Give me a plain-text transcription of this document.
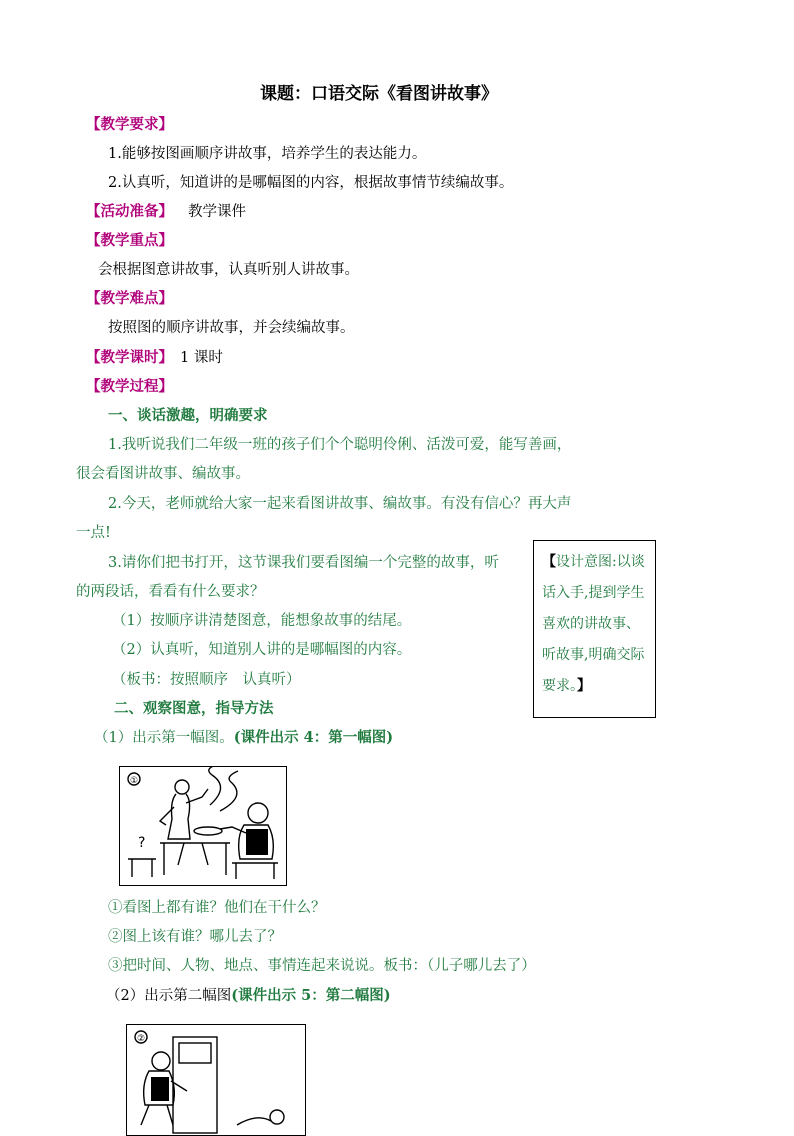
课题：口语交际《看图讲故事》
【教学要求】
1.能够按图画顺序讲故事，培养学生的表达能力。
2.认真听，知道讲的是哪幅图的内容，根据故事情节续编故事。
【活动准备】 教学课件
【教学重点】
会根据图意讲故事，认真听别人讲故事。
【教学难点】
按照图的顺序讲故事，并会续编故事。
【教学课时】 1 课时
【教学过程】
一、谈话激趣，明确要求
1.我听说我们二年级一班的孩子们个个聪明伶俐、活泼可爱，能写善画，
很会看图讲故事、编故事。
2.今天，老师就给大家一起来看图讲故事、编故事。有没有信心？再大声
一点!
3.请你们把书打开，这节课我们要看图编一个完整的故事，听
的两段话，看看有什么要求？
（1）按顺序讲清楚图意，能想象故事的结尾。
（2）认真听，知道别人讲的是哪幅图的内容。
（板书：按照顺序　认真听）
【设计意图:以谈话入手,提到学生喜欢的讲故事、听故事,明确交际要求。】
二、观察图意，指导方法
（1）出示第一幅图。(课件出示 4：第一幅图)
①
?
①看图上都有谁？他们在干什么？
②图上该有谁？哪儿去了？
③把时间、人物、地点、事情连起来说说。板书：（儿子哪儿去了）
（2）出示第二幅图(课件出示 5：第二幅图)
②
